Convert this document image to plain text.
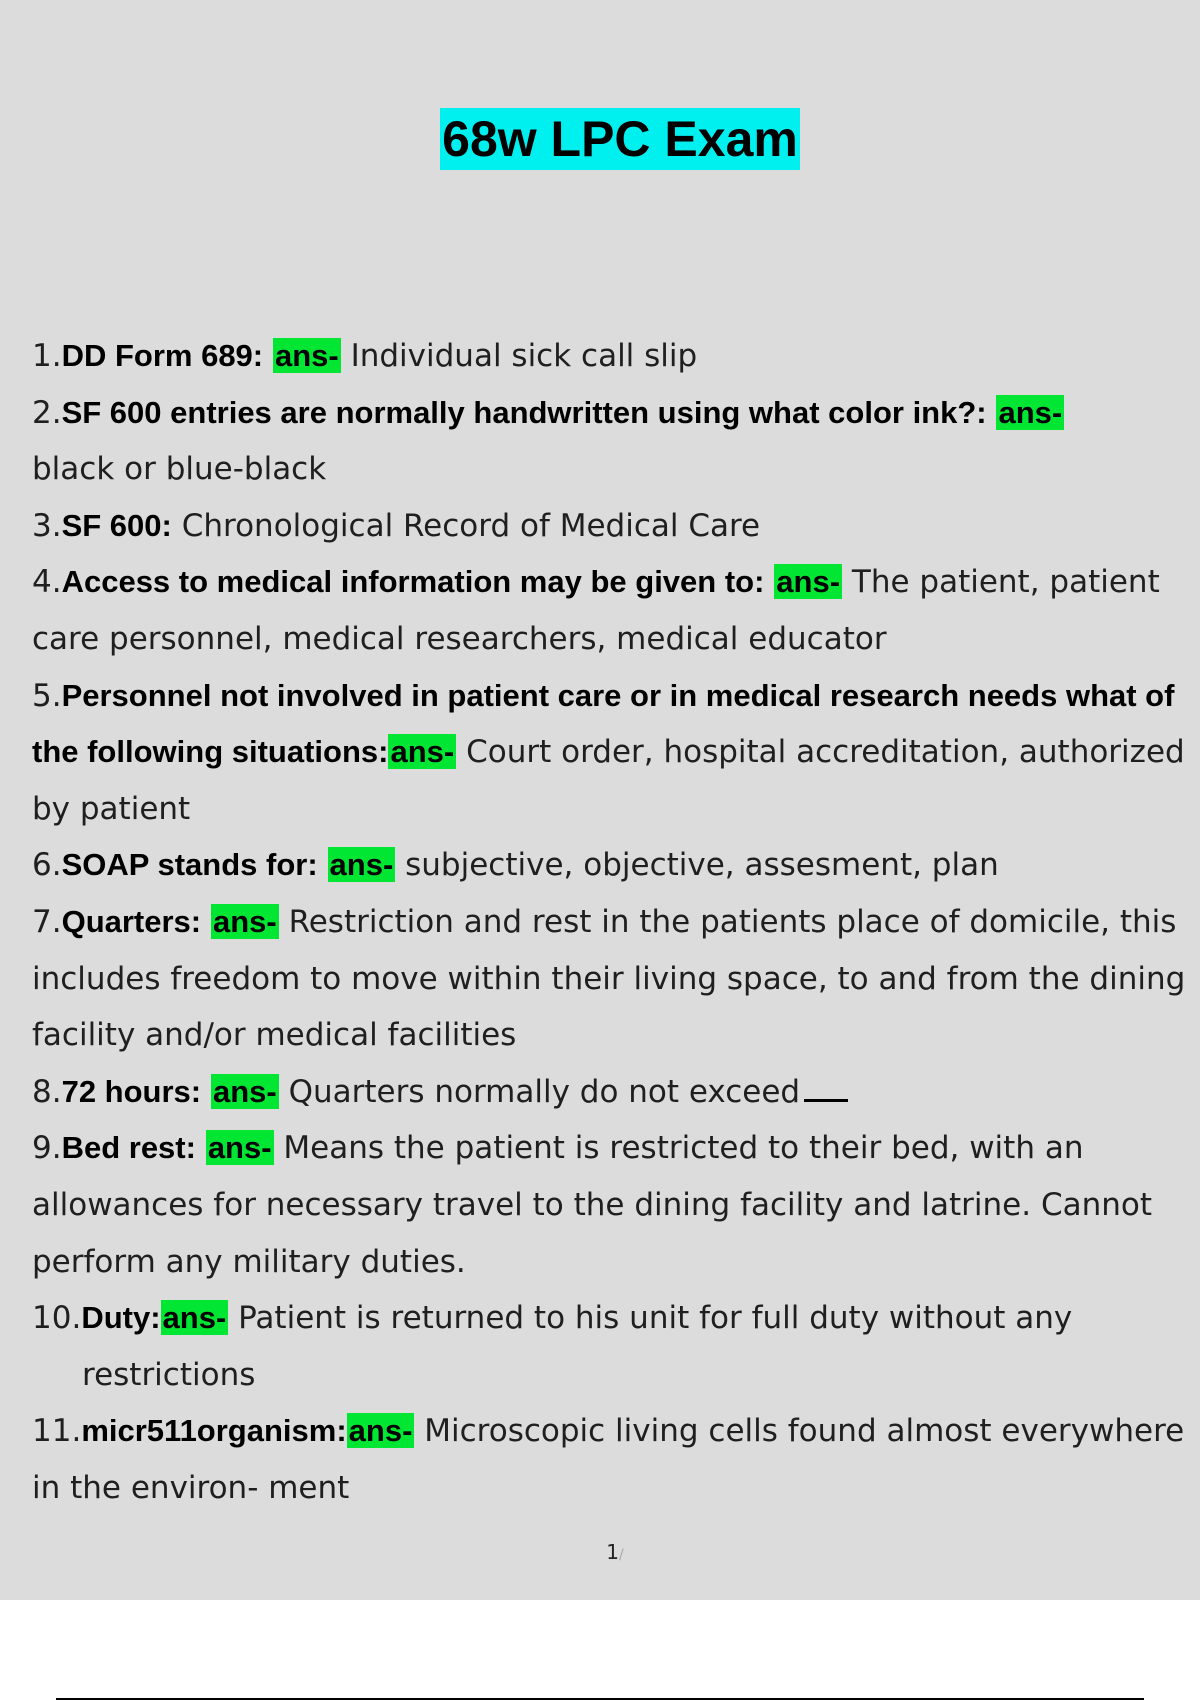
68w LPC Exam
1.DD Form 689: ans- Individual sick call slip
2.SF 600 entries are normally handwritten using what color ink?: ans-
black or blue-black
3.SF 600: Chronological Record of Medical Care
4.Access to medical information may be given to: ans- The patient, patient care personnel, medical researchers, medical educator
5.Personnel not involved in patient care or in medical research needs what of the following situations:ans- Court order, hospital accreditation, authorized by patient
6.SOAP stands for: ans- subjective, objective, assesment, plan
7.Quarters: ans- Restriction and rest in the patients place of domicile, this includes freedom to move within their living space, to and from the dining facility and/or medical facilities
8.72 hours: ans- Quarters normally do not exceed
9.Bed rest: ans- Means the patient is restricted to their bed, with an allowances for necessary travel to the dining facility and latrine. Cannot perform any military duties.
10.Duty:ans- Patient is returned to his unit for full duty without any
restrictions
11.micr511organism:ans- Microscopic living cells found almost everywhere in the environ- ment
1/
